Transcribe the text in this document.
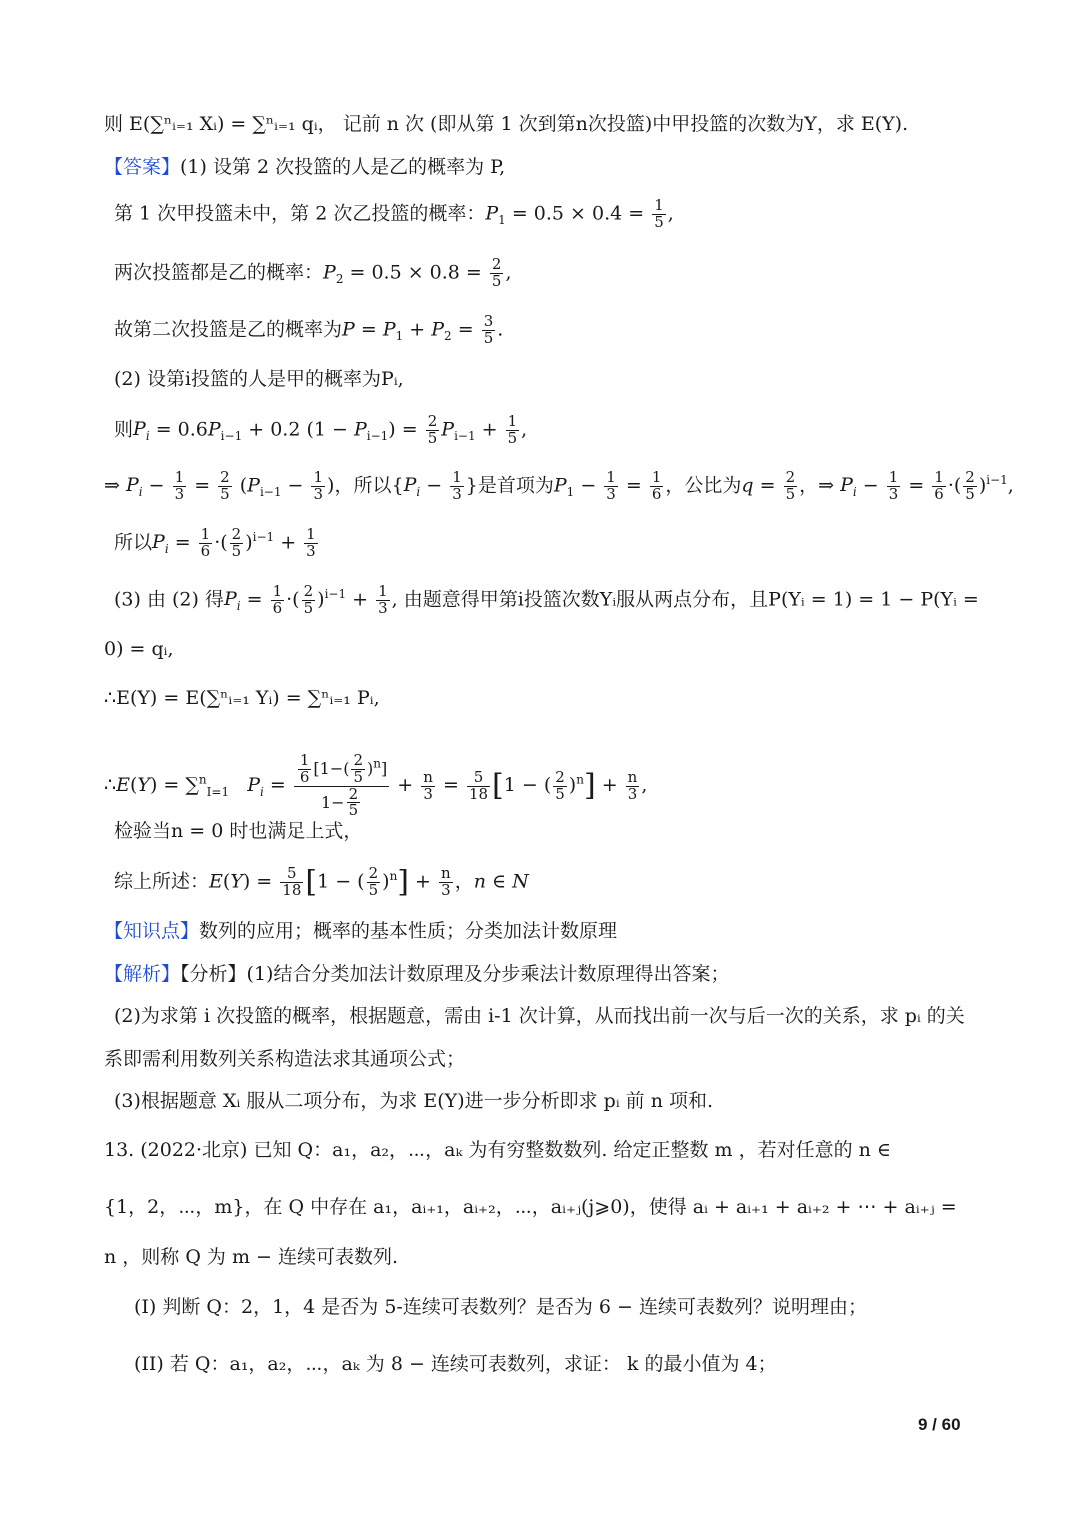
则 E(∑ⁿᵢ₌₁ Xᵢ) = ∑ⁿᵢ₌₁ qᵢ， 记前 n 次 (即从第 1 次到第n次投篮)中甲投篮的次数为Y，求 E(Y).
【答案】(1) 设第 2 次投篮的人是乙的概率为 P,
第 1 次甲投篮未中，第 2 次乙投篮的概率：$P_1 = 0.5 \times 0.4 = \frac{1}{5}$ ,
两次投篮都是乙的概率：$P_2 = 0.5 \times 0.8 = \frac{2}{5}$ ,
故第二次投篮是乙的概率为$P = P_1 + P_2 = \frac{3}{5}$ .
(2) 设第i投篮的人是甲的概率为Pᵢ,
则$P_i = 0.6P_{i-1} + 0.2$ $(1 - P_{i-1}) = \frac{2}{5} P_{i-1} + \frac{1}{5}$ ,
⇒ $P_i - \frac{1}{3} = \frac{2}{5} (P_{i-1} - \frac{1}{3}$ )，所以{$P_i - \frac{1}{3}$ }是首项为$P_1 - \frac{1}{3} = \frac{1}{6}$ ，公比为$q = \frac{2}{5}$ ，⇒ $P_i - \frac{1}{3} = \frac{1}{6}$ ·( $\frac{2}{5} )^{i-1}$,
所以$P_i = \frac{1}{6}$ ·( $\frac{2}{5} )^{i-1} + \frac{1}{3}$
(3) 由 (2) 得$P_i = \frac{1}{6}$ ·( $\frac{2}{5} )^{i-1} + \frac{1}{3}$ , 由题意得甲第i投篮次数Yᵢ服从两点分布，且P(Yᵢ = 1) = 1 − P(Yᵢ =
0) = qᵢ,
∴E(Y) = E(∑ⁿᵢ₌₁ Yᵢ) = ∑ⁿᵢ₌₁ Pᵢ,
∴E(Y) = ∑$^n_{I=1}$ $P_i = \frac{\frac{1}{6} [1-( \frac{2}{5} )^n]}{1- \frac{2}{5}} + \frac{n}{3} = \frac{5}{18} [1$ − ( $\frac{2}{5} )^n] + \frac{n}{3}$ ,
检验当n = 0 时也满足上式，
综上所述：$E(Y) = \frac{5}{18} [1$ − ( $\frac{2}{5} )^n] + \frac{n}{3}$ ，n ∈ N
【知识点】数列的应用；概率的基本性质；分类加法计数原理
【解析】【分析】(1)结合分类加法计数原理及分步乘法计数原理得出答案；
(2)为求第 i 次投篮的概率，根据题意，需由 i-1 次计算，从而找出前一次与后一次的关系，求 pᵢ 的关
系即需利用数列关系构造法求其通项公式；
(3)根据题意 Xᵢ 服从二项分布，为求 E(Y)进一步分析即求 pᵢ 前 n 项和.
13. (2022·北京) 已知 Q：a₁，a₂，⋯，aₖ 为有穷整数数列. 给定正整数 m ，若对任意的 n ∈
{1，2，⋯，m}，在 Q 中存在 a₁，aᵢ₊₁，aᵢ₊₂，⋯，aᵢ₊ⱼ(j⩾0)，使得 aᵢ + aᵢ₊₁ + aᵢ₊₂ + ⋯ + aᵢ₊ⱼ =
n ，则称 Q 为 m − 连续可表数列.
(I) 判断 Q：2，1，4 是否为 5-连续可表数列？是否为 6 − 连续可表数列？说明理由；
(II) 若 Q：a₁，a₂，⋯，aₖ 为 8 − 连续可表数列，求证： k 的最小值为 4；
9 / 60
